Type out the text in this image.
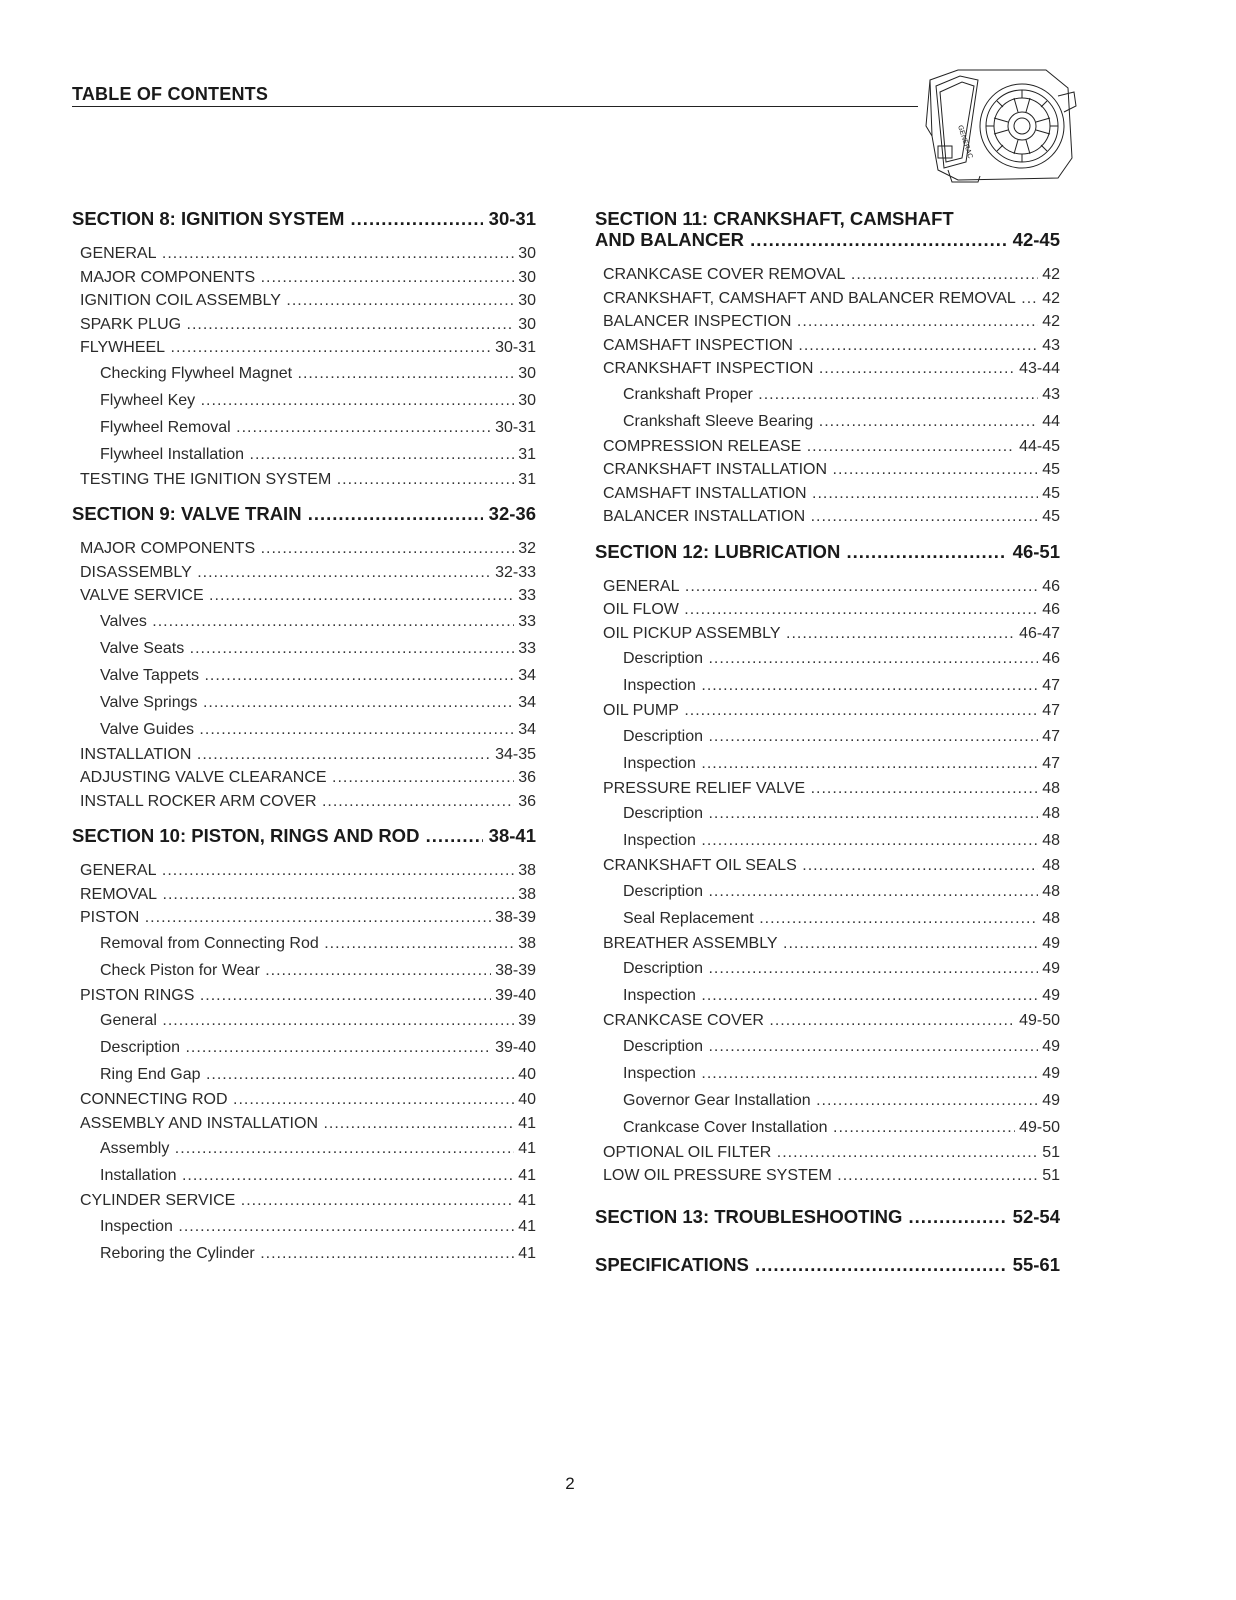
TABLE OF CONTENTS
GENERAC
SECTION 8: IGNITION SYSTEM .....	30-31
GENERAL .....	30
MAJOR COMPONENTS .....	30
IGNITION COIL ASSEMBLY .....	30
SPARK PLUG .....	30
FLYWHEEL .....	30-31
Checking Flywheel Magnet .....	30
Flywheel Key .....	30
Flywheel Removal .....	30-31
Flywheel Installation .....	31
TESTING THE IGNITION SYSTEM .....	31
SECTION 9: VALVE TRAIN .....	32-36
MAJOR COMPONENTS .....	32
DISASSEMBLY .....	32-33
VALVE SERVICE .....	33
Valves .....	33
Valve Seats .....	33
Valve Tappets .....	34
Valve Springs .....	34
Valve Guides .....	34
INSTALLATION .....	34-35
ADJUSTING VALVE CLEARANCE .....	36
INSTALL ROCKER ARM COVER .....	36
SECTION 10: PISTON, RINGS AND ROD .....	38-41
GENERAL .....	38
REMOVAL .....	38
PISTON .....	38-39
Removal from Connecting Rod .....	38
Check Piston for Wear .....	38-39
PISTON RINGS .....	39-40
General .....	39
Description .....	39-40
Ring End Gap .....	40
CONNECTING ROD .....	40
ASSEMBLY AND INSTALLATION .....	41
Assembly .....	41
Installation .....	41
CYLINDER SERVICE .....	41
Inspection .....	41
Reboring the Cylinder .....	41
SECTION 11: CRANKSHAFT, CAMSHAFT
AND BALANCER .....	42-45
CRANKCASE COVER REMOVAL .....	42
CRANKSHAFT, CAMSHAFT AND BALANCER REMOVAL .....	42
BALANCER INSPECTION .....	42
CAMSHAFT INSPECTION .....	43
CRANKSHAFT INSPECTION .....	43-44
Crankshaft Proper .....	43
Crankshaft Sleeve Bearing .....	44
COMPRESSION RELEASE .....	44-45
CRANKSHAFT INSTALLATION .....	45
CAMSHAFT INSTALLATION .....	45
BALANCER INSTALLATION .....	45
SECTION 12: LUBRICATION .....	46-51
GENERAL .....	46
OIL FLOW .....	46
OIL PICKUP ASSEMBLY .....	46-47
Description .....	46
Inspection .....	47
OIL PUMP .....	47
Description .....	47
Inspection .....	47
PRESSURE RELIEF VALVE .....	48
Description .....	48
Inspection .....	48
CRANKSHAFT OIL SEALS .....	48
Description .....	48
Seal Replacement .....	48
BREATHER ASSEMBLY .....	49
Description .....	49
Inspection .....	49
CRANKCASE COVER .....	49-50
Description .....	49
Inspection .....	49
Governor Gear Installation .....	49
Crankcase Cover Installation .....	49-50
OPTIONAL OIL FILTER .....	51
LOW OIL PRESSURE SYSTEM .....	51
SECTION 13: TROUBLESHOOTING .....	52-54
SPECIFICATIONS .....	55-61
2
